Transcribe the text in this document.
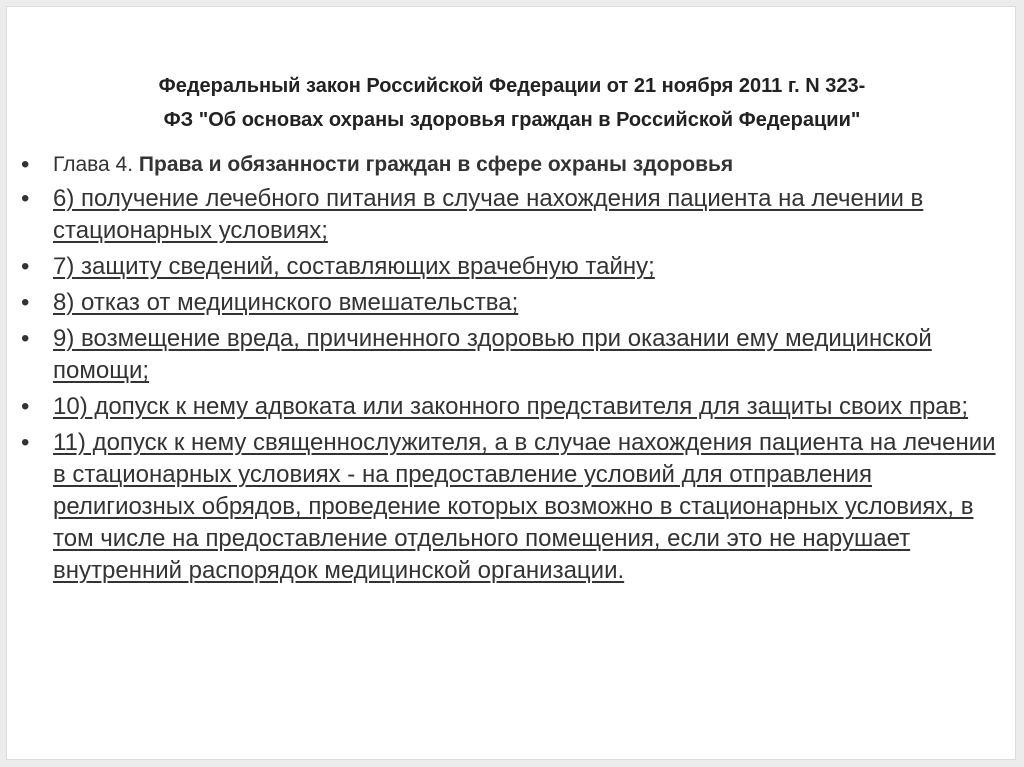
Федеральный закон Российской Федерации от 21 ноября 2011 г. N 323-
ФЗ "Об основах охраны здоровья граждан в Российской Федерации"
•	Глава 4. Права и обязанности граждан в сфере охраны здоровья
• 6) получение лечебного питания в случае нахождения пациента на лечении в стационарных условиях;
• 7) защиту сведений, составляющих врачебную тайну;
• 8) отказ от медицинского вмешательства;
• 9) возмещение вреда, причиненного здоровью при оказании ему медицинской помощи;
• 10) допуск к нему адвоката или законного представителя для защиты своих прав;
• 11) допуск к нему священнослужителя, а в случае нахождения пациента на лечении в стационарных условиях - на предоставление условий для отправления религиозных обрядов, проведение которых возможно в стационарных условиях, в том числе на предоставление отдельного помещения, если это не нарушает внутренний распорядок медицинской организации.
